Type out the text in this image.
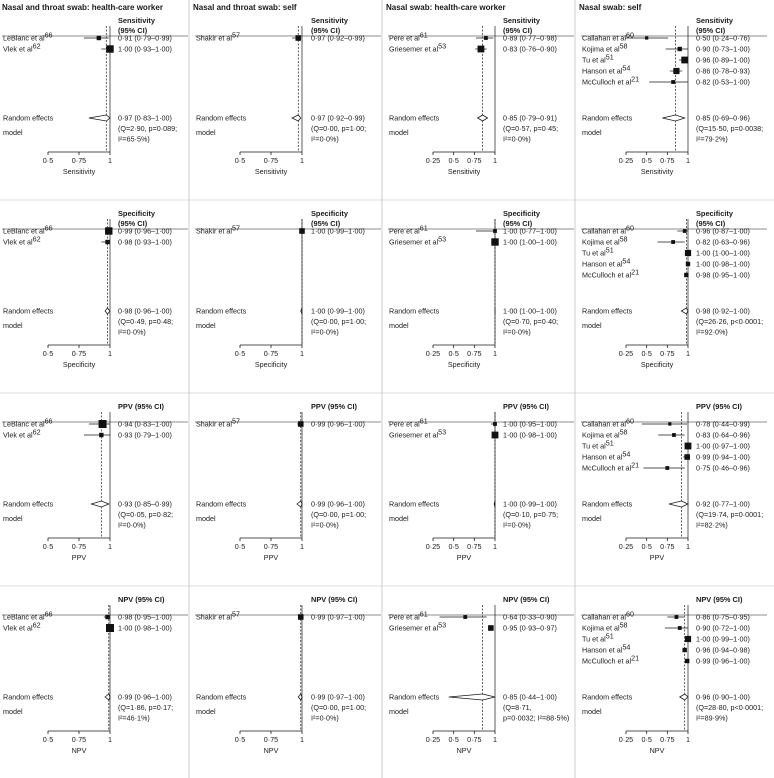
Nasal and throat swab: health-care worker	Nasal and throat swab: self	Nasal swab: health-care worker	Nasal swab: self
Sensitivity
(95% CI)
0·5	0·75	1
Sensitivity
LeBlanc et al66	0·91 (0·79–0·99)
Vlek et al62	1·00 (0·93–1·00)
Random effects
model
0·97 (0·83–1·00)
(Q=2·90, p=0·089;
I²=65·5%)
Sensitivity
(95% CI)
0·5	0·75	1
Sensitivity
Shakir et al57	0·97 (0·92–0·99)
Random effects
model
0·97 (0·92–0·99)
(Q=0·00, p=1·00;
I²=0·0%)
Sensitivity
(95% CI)
0·25 0·5 0·75 1
Sensitivity
Pere et al61	0·89 (0·77–0·98)
Griesemer et al53	0·83 (0·76–0·90)
Random effects
model
0·85 (0·79–0·91)
(Q=0·57, p=0·45;
I²=0·0%)
Sensitivity
(95% CI)
0·25 0·5 0·75 1
Sensitivity
Callahan et al60	0·50 (0·24–0·76)
Kojima et al58	0·90 (0·73–1·00)
Tu et al51	0·96 (0·89–1·00)
Hanson et al54	0·86 (0·78–0·93)
McCulloch et al21	0·82 (0·53–1·00)
Random effects
model
0·85 (0·69–0·96)
(Q=15·50, p=0·0038;
I²=79·2%)
Specificity
(95% CI)
0·5	0·75	1
Specificity
LeBlanc et al66	0·99 (0·96–1·00)
Vlek et al62	0·98 (0·93–1·00)
Random effects
model
0·98 (0·96–1·00)
(Q=0·49, p=0·48;
I²=0·0%)
Specificity
(95% CI)
0·5	0·75	1
Specificity
Shakir et al57	1·00 (0·99–1·00)
Random effects
model
1·00 (0·99–1·00)
(Q=0·00, p=1·00;
I²=0·0%)
Specificity
(95% CI)
0·25 0·5 0·75 1
Specificity
Pere et al61	1·00 (0·77–1·00)
Griesemer et al53	1·00 (1·00–1·00)
Random effects
model
1·00 (1·00–1·00)
(Q=0·70, p=0·40;
I²=0·0%)
Specificity
(95% CI)
0·25 0·5 0·75 1
Specificity
Callahan et al60	0·96 (0·87–1·00)
Kojima et al58	0·82 (0·63–0·96)
Tu et al51	1·00 (1·00–1·00)
Hanson et al54	1·00 (0·98–1·00)
McCulloch et al21	0·98 (0·95–1·00)
Random effects
model
0·98 (0·92–1·00)
(Q=26·26, p<0·0001;
I²=92·0%)
PPV (95% CI)
0·5	0·75	1
PPV
LeBlanc et al66	0·94 (0·83–1·00)
Vlek et al62	0·93 (0·79–1·00)
Random effects
model
0·93 (0·85–0·99)
(Q=0·05, p=0·82;
I²=0·0%)
PPV (95% CI)
0·5	0·75	1
PPV
Shakir et al57	0·99 (0·96–1·00)
Random effects
model
0·99 (0·96–1·00)
(Q=0·00, p=1·00;
I²=0·0%)
PPV (95% CI)
0·25 0·5 0·75 1
PPV
Pere et al61	1·00 (0·95–1·00)
Griesemer et al53	1·00 (0·98–1·00)
Random effects
model
1·00 (0·99–1·00)
(Q=0·10, p=0·75;
I²=0·0%)
PPV (95% CI)
0·25 0·5 0·75 1
PPV
Callahan et al60	0·78 (0·44–0·99)
Kojima et al58	0·83 (0·64–0·96)
Tu et al51	1·00 (0·97–1·00)
Hanson et al54	0·99 (0·94–1·00)
McCulloch et al21	0·75 (0·46–0·96)
Random effects
model
0·92 (0·77–1·00)
(Q=19·74, p=0·0001;
I²=82·2%)
NPV (95% CI)
0·5	0·75	1
NPV
LeBlanc et al66	0·98 (0·95–1·00)
Vlek et al62	1·00 (0·98–1·00)
Random effects
model
0·99 (0·96–1·00)
(Q=1·86, p=0·17;
I²=46·1%)
NPV (95% CI)
0·5	0·75	1
NPV
Shakir et al57	0·99 (0·97–1·00)
Random effects
model
0·99 (0·97–1·00)
(Q=0·00, p=1·00;
I²=0·0%)
NPV (95% CI)
0·25 0·5 0·75 1
NPV
Pere et al61	0·64 (0·33–0·90)
Griesemer et al53	0·95 (0·93–0·97)
Random effects
model
0·85 (0·44–1·00)
(Q=8·71,
p=0·0032; I²=88·5%)
NPV (95% CI)
0·25 0·5 0·75 1
NPV
Callahan et al60	0·86 (0·75–0·95)
Kojima et al58	0·90 (0·72–1·00)
Tu et al51	1·00 (0·99–1·00)
Hanson et al54	0·96 (0·94–0·98)
McCulloch et al21	0·99 (0·96–1·00)
Random effects
model
0·96 (0·90–1·00)
(Q=28·80, p<0·0001;
I²=89·9%)
